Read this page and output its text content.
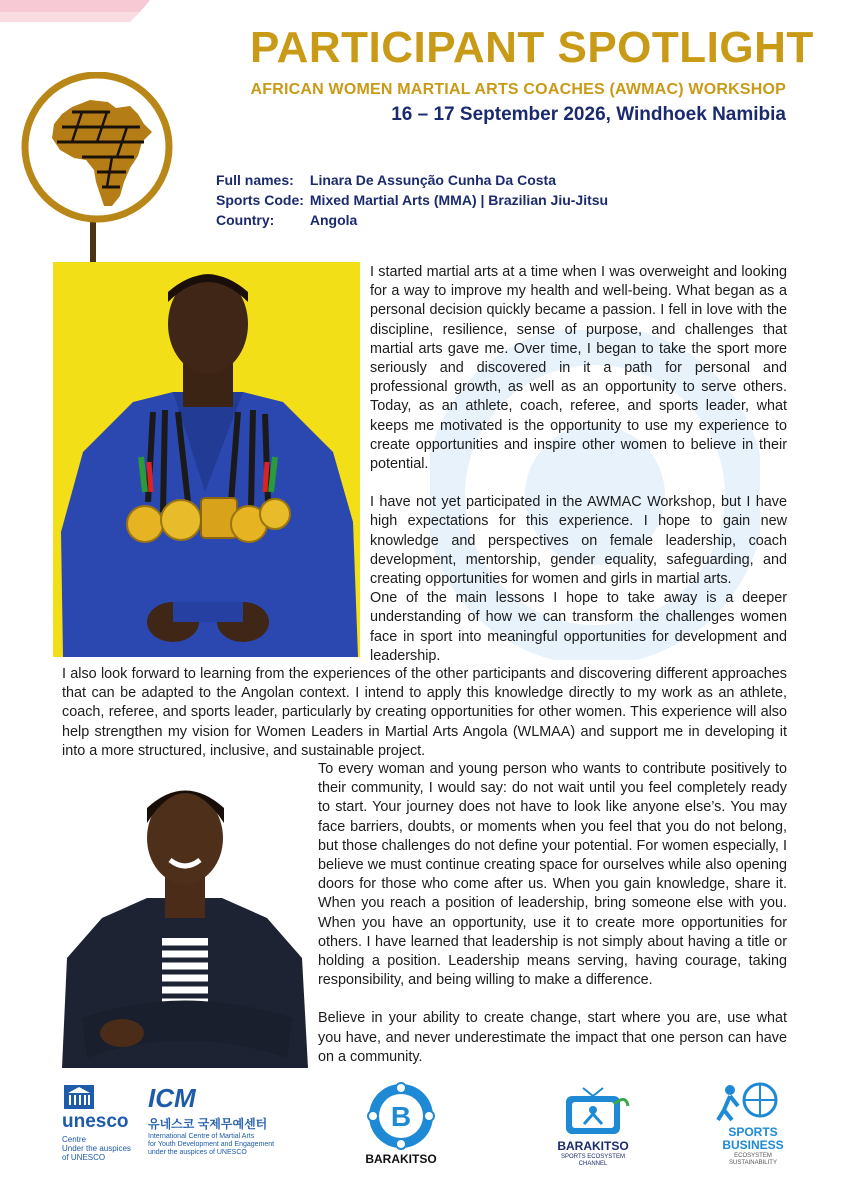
PARTICIPANT SPOTLIGHT
AFRICAN WOMEN MARTIAL ARTS COACHES (AWMAC) WORKSHOP
16 – 17 September 2026, Windhoek Namibia
Full names: Linara De Assunção Cunha Da Costa
Sports Code: Mixed Martial Arts (MMA) | Brazilian Jiu-Jitsu
Country:	Angola

I started martial arts at a time when I was overweight and looking for a way to improve my health and well-being. What began as a personal decision quickly became a passion. I fell in love with the discipline, resilience, sense of purpose, and challenges that martial arts gave me. Over time, I began to take the sport more seriously and discovered in it a path for personal and professional growth, as well as an opportunity to serve others. Today, as an athlete, coach, referee, and sports leader, what keeps me motivated is the opportunity to use my experience to create opportunities and inspire other women to believe in their potential.

I have not yet participated in the AWMAC Workshop, but I have high expectations for this experience. I hope to gain new knowledge and perspectives on female leadership, coach development, mentorship, gender equality, safeguarding, and creating opportunities for women and girls in martial arts.

One of the main lessons I hope to take away is a deeper understanding of how we can transform the challenges women face in sport into meaningful opportunities for development and leadership.

I also look forward to learning from the experiences of the other participants and discovering different approaches that can be adapted to the Angolan context. I intend to apply this knowledge directly to my work as an athlete, coach, referee, and sports leader, particularly by creating opportunities for other women. This experience will also help strengthen my vision for Women Leaders in Martial Arts Angola (WLMAA) and support me in developing it into a more structured, inclusive, and sustainable project.

To every woman and young person who wants to contribute positively to their community, I would say: do not wait until you feel completely ready to start. Your journey does not have to look like anyone else’s. You may face barriers, doubts, or moments when you feel that you do not belong, but those challenges do not define your potential. For women especially, I believe we must continue creating space for ourselves while also opening doors for those who come after us. When you gain knowledge, share it. When you reach a position of leadership, bring someone else with you. When you have an opportunity, use it to create more opportunities for others. I have learned that leadership is not simply about having a title or holding a position. Leadership means serving, having courage, taking responsibility, and being willing to make a difference.

Believe in your ability to create change, start where you are, use what you have, and never underestimate the impact that one person can have on a community.

unesco
Centre
Under the auspices
of UNESCO
ICM
유네스코 국제무예센터
International Centre of Martial Arts
for Youth Development and Engagement
under the auspices of UNESCO
B
BARAKITSO
BARAKITSO
SPORTS ECOSYSTEM
CHANNEL
SPORTS
BUSINESS
ECOSYSTEM
SUSTAINABILITY
